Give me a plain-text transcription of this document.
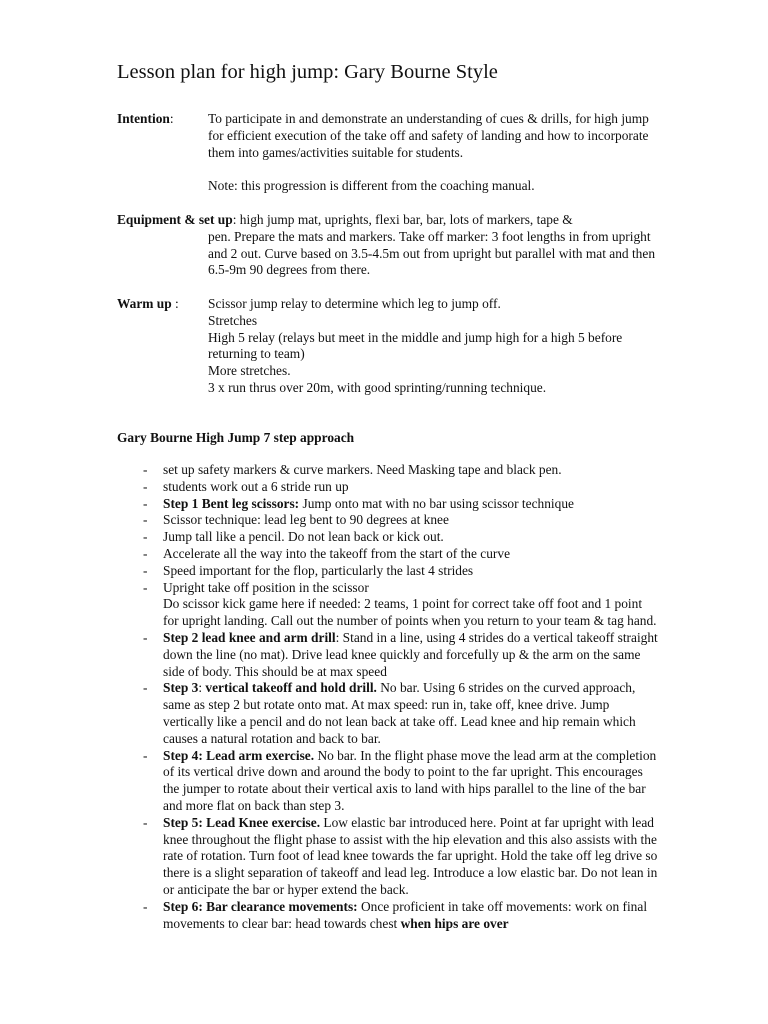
Lesson plan for high jump: Gary Bourne Style
Intention:	To participate in and demonstrate an understanding of cues & drills, for high jump for efficient execution of the take off and safety of landing and how to incorporate them into games/activities suitable for students.

Note: this progression is different from the coaching manual.

Equipment & set up: high jump mat, uprights, flexi bar, bar, lots of markers, tape &

pen. Prepare the mats and markers. Take off marker: 3 foot lengths in from upright and 2 out. Curve based on 3.5-4.5m out from upright but parallel with mat and then 6.5-9m 90 degrees from there.

Warm up : Scissor jump relay to determine which leg to jump off.

Stretches

High 5 relay (relays but meet in the middle and jump high for a high 5 before returning to team)

More stretches.

3 x run thrus over 20m, with good sprinting/running technique.

Gary Bourne High Jump 7 step approach

- set up safety markers & curve markers. Need Masking tape and black pen.
- students work out a 6 stride run up
- Step 1 Bent leg scissors: Jump onto mat with no bar using scissor technique
- Scissor technique: lead leg bent to 90 degrees at knee
- Jump tall like a pencil. Do not lean back or kick out.
- Accelerate all the way into the takeoff from the start of the curve
- Speed important for the flop, particularly the last 4 strides
- Upright take off position in the scissor
Do scissor kick game here if needed: 2 teams, 1 point for correct take off foot and 1 point for upright landing. Call out the number of points when you return to your team & tag hand.
- Step 2 lead knee and arm drill: Stand in a line, using 4 strides do a vertical takeoff straight down the line (no mat). Drive lead knee quickly and forcefully up & the arm on the same side of body. This should be at max speed
- Step 3: vertical takeoff and hold drill. No bar. Using 6 strides on the curved approach, same as step 2 but rotate onto mat. At max speed: run in, take off, knee drive. Jump vertically like a pencil and do not lean back at take off. Lead knee and hip remain which causes a natural rotation and back to bar.
- Step 4: Lead arm exercise. No bar. In the flight phase move the lead arm at the completion of its vertical drive down and around the body to point to the far upright. This encourages the jumper to rotate about their vertical axis to land with hips parallel to the line of the bar and more flat on back than step 3.
- Step 5: Lead Knee exercise. Low elastic bar introduced here. Point at far upright with lead knee throughout the flight phase to assist with the hip elevation and this also assists with the rate of rotation. Turn foot of lead knee towards the far upright. Hold the take off leg drive so there is a slight separation of takeoff and lead leg. Introduce a low elastic bar. Do not lean in or anticipate the bar or hyper extend the back.
- Step 6: Bar clearance movements: Once proficient in take off movements: work on final movements to clear bar: head towards chest when hips are over
